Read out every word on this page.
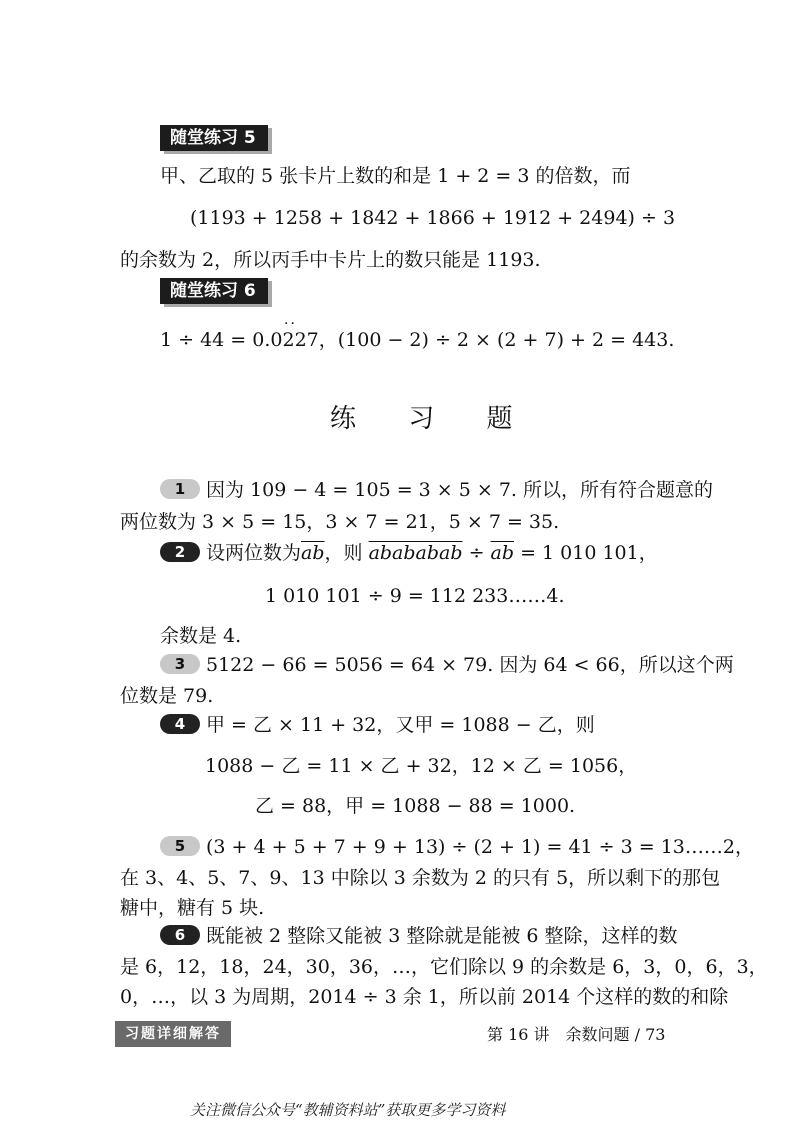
随堂练习 5
甲、乙取的 5 张卡片上数的和是 1 + 2 = 3 的倍数，而
(1193 + 1258 + 1842 + 1866 + 1912 + 2494) ÷ 3
的余数为 2，所以丙手中卡片上的数只能是 1193.
随堂练习 6
··
1 ÷ 44 = 0.0227，(100 − 2) ÷ 2 × (2 + 7) + 2 = 443.
练 习 题
1 因为 109 − 4 = 105 = 3 × 5 × 7. 所以，所有符合题意的
两位数为 3 × 5 = 15，3 × 7 = 21，5 × 7 = 35.
2 设两位数为$\overline{ab}$，则 abababab ÷ $\overline{ab} = 1$ 010 101，
1 010 101 ÷ 9 = 112 233……4.
余数是 4.
3 5122 − 66 = 5056 = 64 × 79. 因为 64 < 66，所以这个两
位数是 79.
4 甲 = 乙 × 11 + 32，又甲 = 1088 − 乙，则
1088 − 乙 = 11 × 乙 + 32，12 × 乙 = 1056，
乙 = 88，甲 = 1088 − 88 = 1000.
5 (3 + 4 + 5 + 7 + 9 + 13) ÷ (2 + 1) = 41 ÷ 3 = 13……2，
在 3、4、5、7、9、13 中除以 3 余数为 2 的只有 5，所以剩下的那包
糖中，糖有 5 块.
6 既能被 2 整除又能被 3 整除就是能被 6 整除，这样的数
是 6，12，18，24，30，36，…，它们除以 9 的余数是 6，3，0，6，3，
0，…，以 3 为周期，2014 ÷ 3 余 1，所以前 2014 个这样的数的和除
习题详细解答	第 16 讲　余数问题 / 73
关注微信公众号“教辅资料站”获取更多学习资料
